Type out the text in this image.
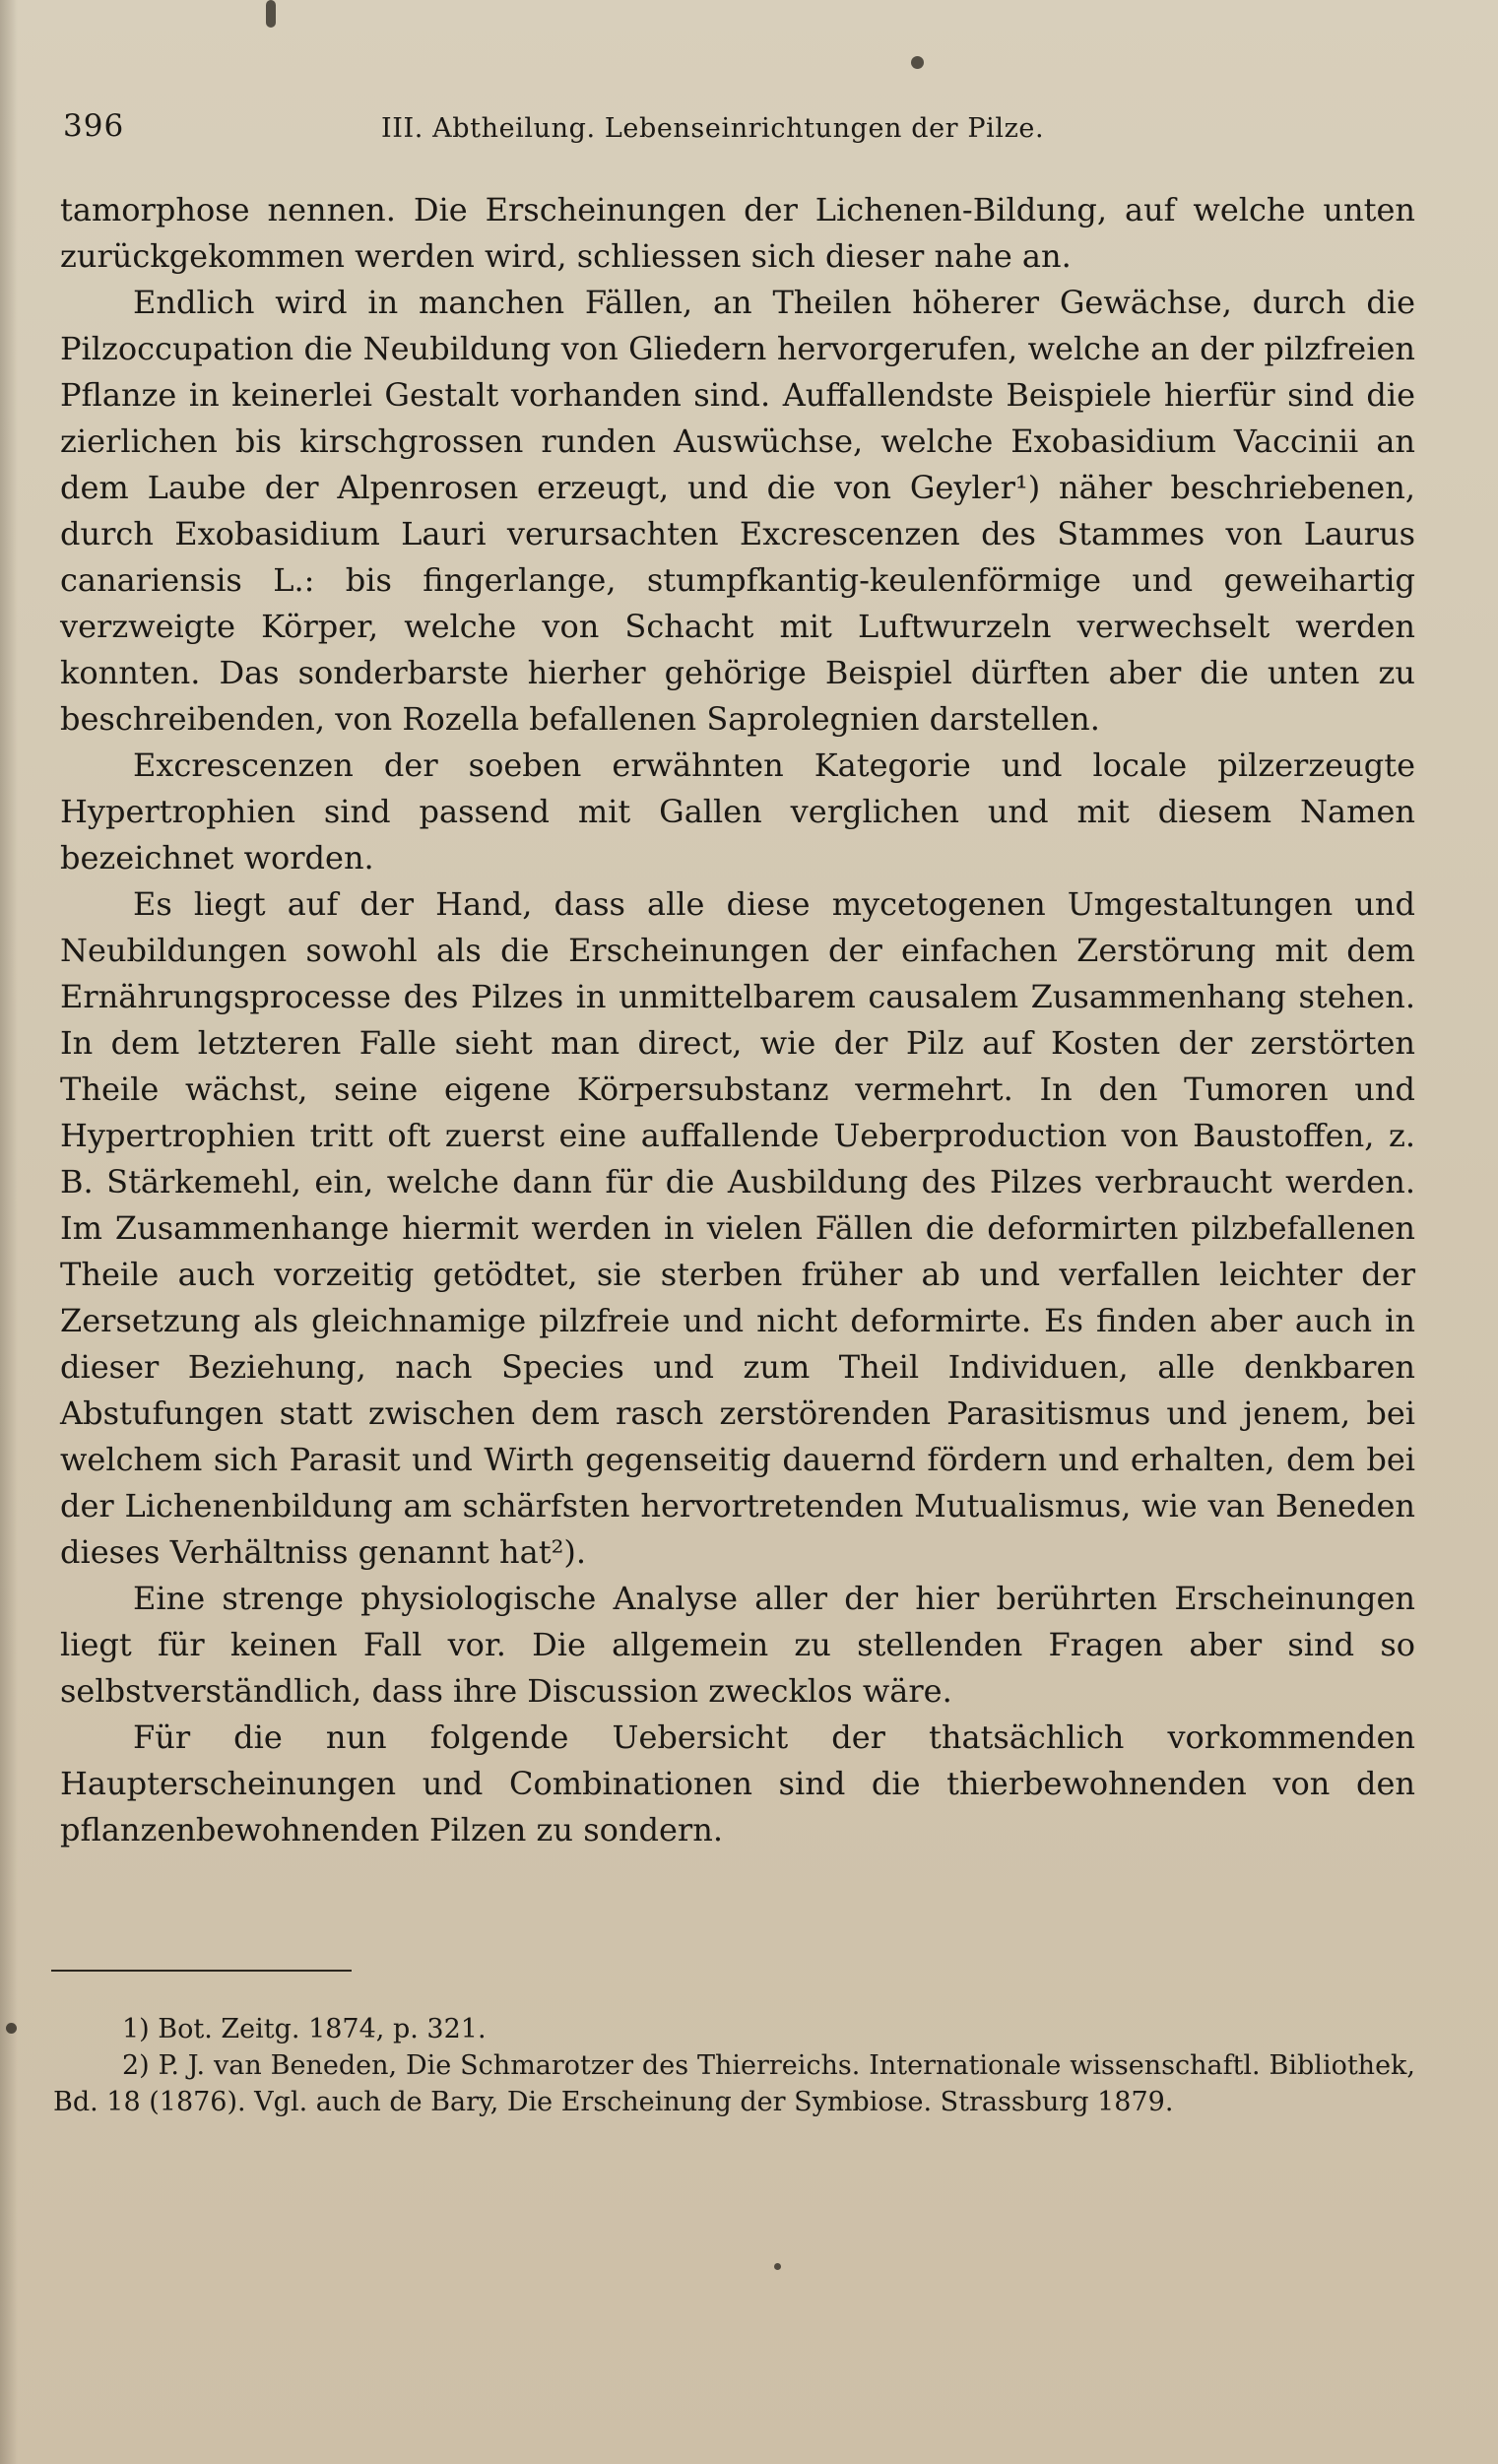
396	III. Abtheilung. Lebenseinrichtungen der Pilze.

tamorphose nennen. Die Erscheinungen der Lichenen-Bildung, auf welche unten zurückgekommen werden wird, schliessen sich dieser nahe an.

Endlich wird in manchen Fällen, an Theilen höherer Gewächse, durch die Pilzoccupation die Neubildung von Gliedern hervorgerufen, welche an der pilzfreien Pflanze in keinerlei Gestalt vorhanden sind. Auffallendste Beispiele hierfür sind die zierlichen bis kirschgrossen runden Auswüchse, welche Exobasidium Vaccinii an dem Laube der Alpenrosen erzeugt, und die von Geyler¹) näher beschriebenen, durch Exobasidium Lauri verursachten Excrescenzen des Stammes von Laurus canariensis L.: bis fingerlange, stumpfkantig-keulenförmige und geweihartig verzweigte Körper, welche von Schacht mit Luftwurzeln verwechselt werden konnten. Das sonderbarste hierher gehörige Beispiel dürften aber die unten zu beschreibenden, von Rozella befallenen Saprolegnien darstellen.

Excrescenzen der soeben erwähnten Kategorie und locale pilzerzeugte Hypertrophien sind passend mit Gallen verglichen und mit diesem Namen bezeichnet worden.

Es liegt auf der Hand, dass alle diese mycetogenen Umgestaltungen und Neubildungen sowohl als die Erscheinungen der einfachen Zerstörung mit dem Ernährungsprocesse des Pilzes in unmittelbarem causalem Zusammenhang stehen. In dem letzteren Falle sieht man direct, wie der Pilz auf Kosten der zerstörten Theile wächst, seine eigene Körpersubstanz vermehrt. In den Tumoren und Hypertrophien tritt oft zuerst eine auffallende Ueberproduction von Baustoffen, z. B. Stärkemehl, ein, welche dann für die Ausbildung des Pilzes verbraucht werden. Im Zusammenhange hiermit werden in vielen Fällen die deformirten pilzbefallenen Theile auch vorzeitig getödtet, sie sterben früher ab und verfallen leichter der Zersetzung als gleichnamige pilzfreie und nicht deformirte. Es finden aber auch in dieser Beziehung, nach Species und zum Theil Individuen, alle denkbaren Abstufungen statt zwischen dem rasch zerstörenden Parasitismus und jenem, bei welchem sich Parasit und Wirth gegenseitig dauernd fördern und erhalten, dem bei der Lichenenbildung am schärfsten hervortretenden Mutualismus, wie van Beneden dieses Verhältniss genannt hat²).

Eine strenge physiologische Analyse aller der hier berührten Erscheinungen liegt für keinen Fall vor. Die allgemein zu stellenden Fragen aber sind so selbstverständlich, dass ihre Discussion zwecklos wäre.

Für die nun folgende Uebersicht der thatsächlich vorkommenden Haupterscheinungen und Combinationen sind die thierbewohnenden von den pflanzenbewohnenden Pilzen zu sondern.

1) Bot. Zeitg. 1874, p. 321.

2) P. J. van Beneden, Die Schmarotzer des Thierreichs. Internationale wissenschaftl. Bibliothek, Bd. 18 (1876). Vgl. auch de Bary, Die Erscheinung der Symbiose. Strassburg 1879.
